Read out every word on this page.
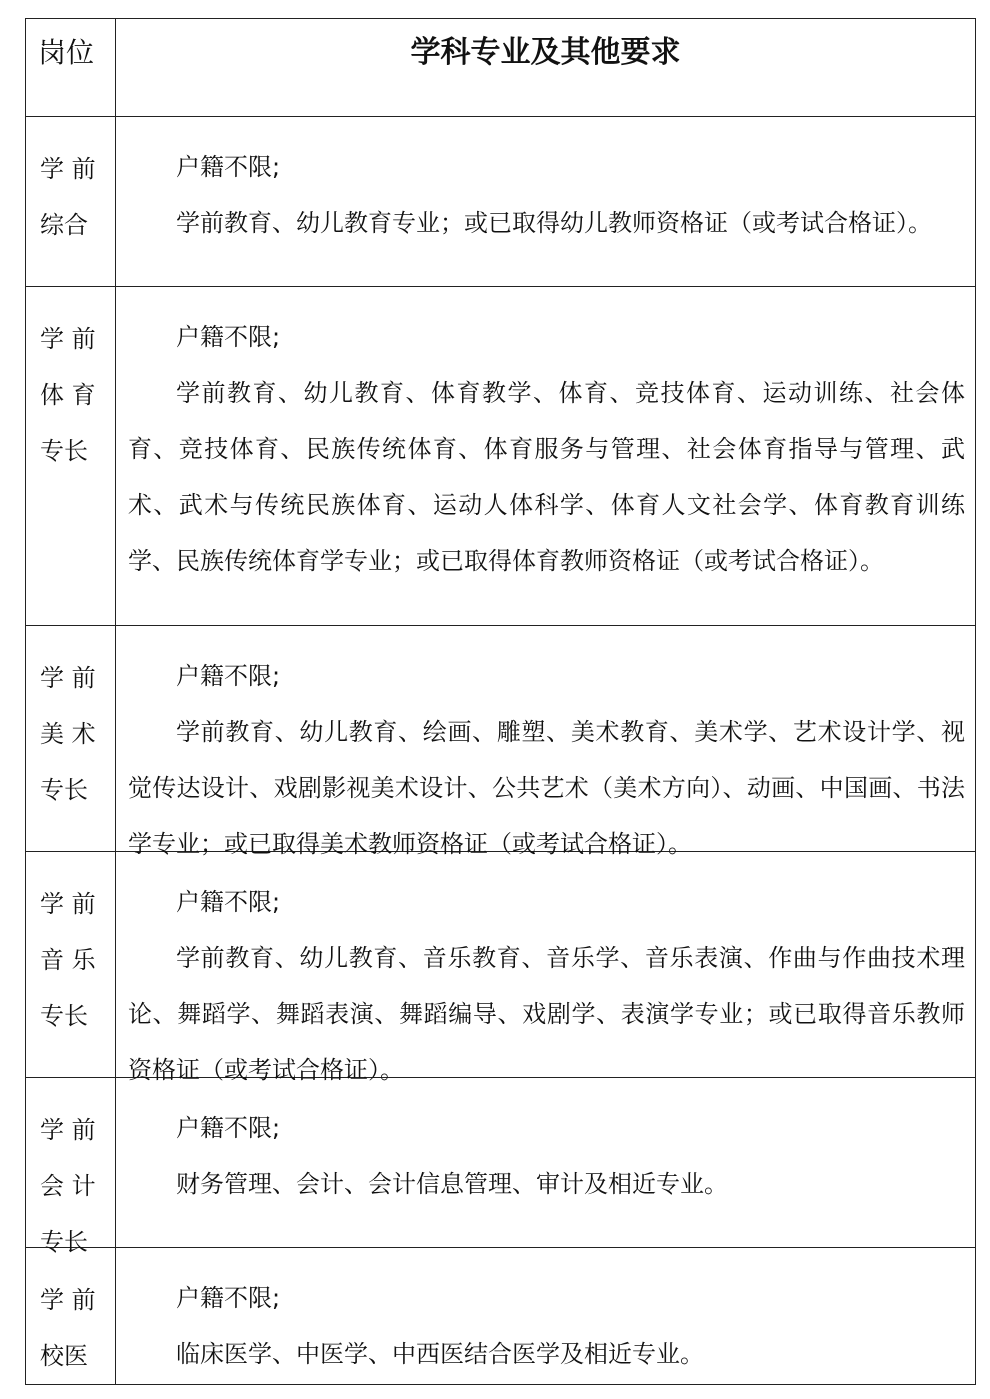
岗位	学科专业及其他要求
学 前
综合

户籍不限;

学前教育、幼儿教育专业；或已取得幼儿教师资格证（或考试合格证）。

学 前
体 育
专长

户籍不限;

学前教育、幼儿教育、体育教学、体育、竞技体育、运动训练、社会体育、竞技体育、民族传统体育、体育服务与管理、社会体育指导与管理、武术、武术与传统民族体育、运动人体科学、体育人文社会学、体育教育训练学、民族传统体育学专业；或已取得体育教师资格证（或考试合格证）。

学 前
美 术
专长

户籍不限;

学前教育、幼儿教育、绘画、雕塑、美术教育、美术学、艺术设计学、视觉传达设计、戏剧影视美术设计、公共艺术（美术方向）、动画、中国画、书法学专业；或已取得美术教师资格证（或考试合格证）。

学 前
音 乐
专长

户籍不限;

学前教育、幼儿教育、音乐教育、音乐学、音乐表演、作曲与作曲技术理论、舞蹈学、舞蹈表演、舞蹈编导、戏剧学、表演学专业；或已取得音乐教师资格证（或考试合格证）。

学 前
会 计
专长

户籍不限;

财务管理、会计、会计信息管理、审计及相近专业。

学 前
校医

户籍不限;

临床医学、中医学、中西医结合医学及相近专业。
